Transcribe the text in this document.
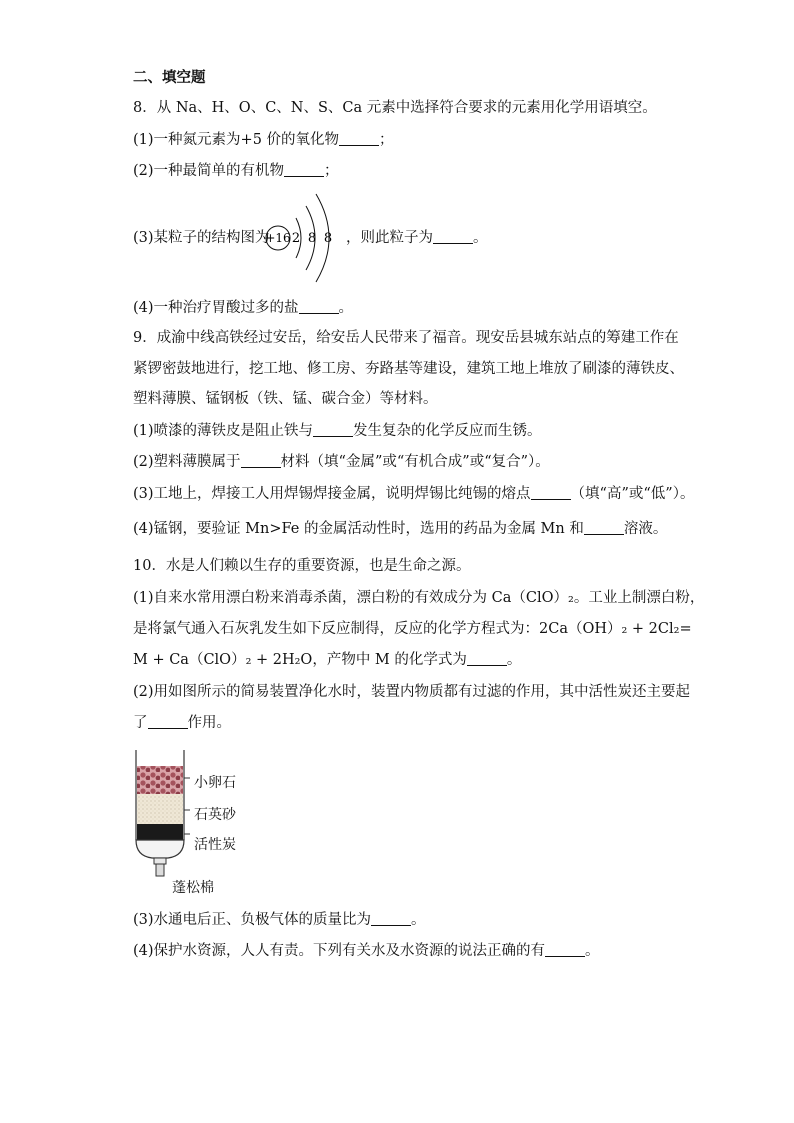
二、填空题
8．从 Na、H、O、C、N、S、Ca 元素中选择符合要求的元素用化学用语填空。
(1)一种氮元素为+5 价的氧化物	；
(2)一种最简单的有机物	；
(3)某粒子的结构图为	，则此粒子为	。
+16 2 8 8
(4)一种治疗胃酸过多的盐	。
9．成渝中线高铁经过安岳，给安岳人民带来了福音。现安岳县城东站点的筹建工作在
紧锣密鼓地进行，挖工地、修工房、夯路基等建设，建筑工地上堆放了刷漆的薄铁皮、
塑料薄膜、锰钢板（铁、锰、碳合金）等材料。
(1)喷漆的薄铁皮是阻止铁与	发生复杂的化学反应而生锈。
(2)塑料薄膜属于	材料（填“金属”或“有机合成”或“复合”）。
(3)工地上，焊接工人用焊锡焊接金属，说明焊锡比纯锡的熔点	（填“高”或“低”）。
(4)锰钢，要验证 Mn>Fe 的金属活动性时，选用的药品为金属 Mn 和	溶液。
10．水是人们赖以生存的重要资源，也是生命之源。
(1)自来水常用漂白粉来消毒杀菌，漂白粉的有效成分为 Ca（ClO）₂。工业上制漂白粉，
是将氯气通入石灰乳发生如下反应制得，反应的化学方程式为：2Ca（OH）₂ + 2Cl₂=
M + Ca（ClO）₂ + 2H₂O，产物中 M 的化学式为	。
(2)用如图所示的简易装置净化水时，装置内物质都有过滤的作用，其中活性炭还主要起
了	作用。
小卵石
石英砂
活性炭
蓬松棉
(3)水通电后正、负极气体的质量比为	。
(4)保护水资源，人人有责。下列有关水及水资源的说法正确的有	。
